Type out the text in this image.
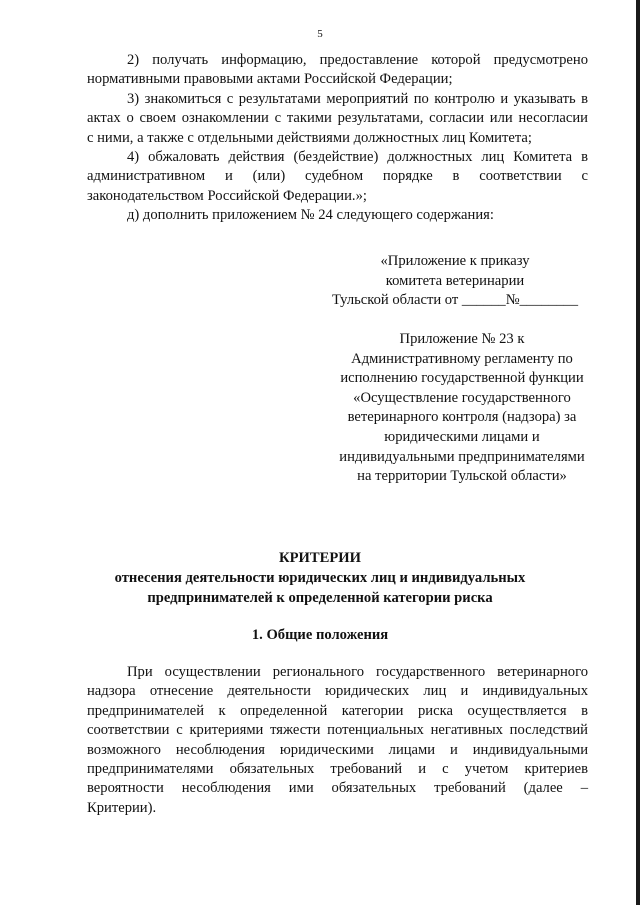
5
2) получать информацию, предоставление которой предусмотрено
нормативными правовыми актами Российской Федерации;
3) знакомиться с результатами мероприятий по контролю и указывать в
актах о своем ознакомлении с такими результатами, согласии или несогласии
с ними, а также с отдельными действиями должностных лиц Комитета;
4) обжаловать действия (бездействие) должностных лиц Комитета в
административном и (или) судебном порядке в соответствии с
законодательством Российской Федерации.»;
д) дополнить приложением № 24 следующего содержания:
«Приложение к приказу
комитета ветеринарии
Тульской области от ______№________
Приложение № 23 к
Административному регламенту по
исполнению государственной функции
«Осуществление государственного
ветеринарного контроля (надзора) за
юридическими лицами и
индивидуальными предпринимателями
на территории Тульской области»
КРИТЕРИИ
отнесения деятельности юридических лиц и индивидуальных
предпринимателей к определенной категории риска
1. Общие положения
При осуществлении регионального государственного ветеринарного
надзора отнесение деятельности юридических лиц и индивидуальных
предпринимателей к определенной категории риска осуществляется в
соответствии с критериями тяжести потенциальных негативных последствий
возможного несоблюдения юридическими лицами и индивидуальными
предпринимателями обязательных требований и с учетом критериев
вероятности несоблюдения ими обязательных требований (далее –
Критерии).
